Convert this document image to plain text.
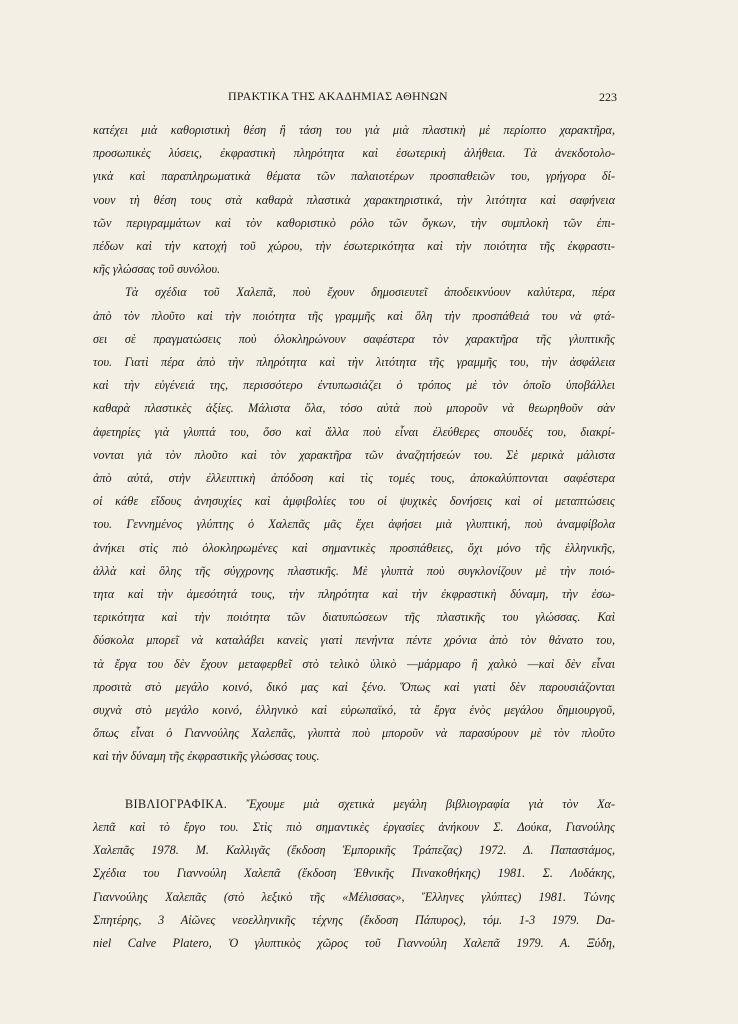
ΠΡΑΚΤΙΚΑ ΤΗΣ ΑΚΑΔΗΜΙΑΣ ΑΘΗΝΩΝ	223

κατέχει μιὰ καθοριστικὴ θέση ἢ τάση του γιὰ μιὰ πλαστικὴ μὲ περίοπτο χαρακτῆρα,
προσωπικὲς λύσεις, ἐκφραστικὴ πληρότητα καὶ ἐσωτερικὴ ἀλήθεια. Τὰ ἀνεκδοτολο-
γικὰ καὶ παραπληρωματικὰ θέματα τῶν παλαιοτέρων προσπαθειῶν του, γρήγορα δί-
νουν τὴ θέση τους στὰ καθαρὰ πλαστικὰ χαρακτηριστικά, τὴν λιτότητα καὶ σαφήνεια
τῶν περιγραμμάτων καὶ τὸν καθοριστικὸ ρόλο τῶν ὄγκων, τὴν συμπλοκὴ τῶν ἐπι-
πέδων καὶ τὴν κατοχὴ τοῦ χώρου, τὴν ἐσωτερικότητα καὶ τὴν ποιότητα τῆς ἐκφραστι-
κῆς γλώσσας τοῦ συνόλου.

Τὰ σχέδια τοῦ Χαλεπᾶ, ποὺ ἔχουν δημοσιευτεῖ ἀποδεικνύουν καλύτερα, πέρα
ἀπὸ τὸν πλοῦτο καὶ τὴν ποιότητα τῆς γραμμῆς καὶ ὅλη τὴν προσπάθειά του νὰ φτά-
σει σὲ πραγματώσεις ποὺ ὁλοκληρώνουν σαφέστερα τὸν χαρακτῆρα τῆς γλυπτικῆς
του. Γιατὶ πέρα ἀπὸ τὴν πληρότητα καὶ τὴν λιτότητα τῆς γραμμῆς του, τὴν ἀσφάλεια
καὶ τὴν εὐγένειά της, περισσότερο ἐντυπωσιάζει ὁ τρόπος μὲ τὸν ὁποῖο ὑποβάλλει
καθαρὰ πλαστικὲς ἀξίες. Μάλιστα ὅλα, τόσο αὐτὰ ποὺ μποροῦν νὰ θεωρηθοῦν σὰν
ἀφετηρίες γιὰ γλυπτά του, ὅσο καὶ ἄλλα ποὺ εἶναι ἐλεύθερες σπουδές του, διακρί-
νονται γιὰ τὸν πλοῦτο καὶ τὸν χαρακτῆρα τῶν ἀναζητήσεών του. Σὲ μερικὰ μάλιστα
ἀπὸ αὐτά, στὴν ἐλλειπτικὴ ἀπόδοση καὶ τὶς τομές τους, ἀποκαλύπτονται σαφέστερα
οἱ κάθε εἴδους ἀνησυχίες καὶ ἀμφιβολίες του οἱ ψυχικὲς δονήσεις καὶ οἱ μεταπτώσεις
του. Γεννημένος γλύπτης ὁ Χαλεπᾶς μᾶς ἔχει ἀφήσει μιὰ γλυπτική, ποὺ ἀναμφίβολα
ἀνήκει στὶς πιὸ ὁλοκληρωμένες καὶ σημαντικὲς προσπάθειες, ὄχι μόνο τῆς ἑλληνικῆς,
ἀλλὰ καὶ ὅλης τῆς σύγχρονης πλαστικῆς. Μὲ γλυπτὰ ποὺ συγκλονίζουν μὲ τὴν ποιό-
τητα καὶ τὴν ἀμεσότητά τους, τὴν πληρότητα καὶ τὴν ἐκφραστικὴ δύναμη, τὴν ἐσω-
τερικότητα καὶ τὴν ποιότητα τῶν διατυπώσεων τῆς πλαστικῆς του γλώσσας. Καὶ
δύσκολα μπορεῖ νὰ καταλάβει κανεὶς γιατὶ πενήντα πέντε χρόνια ἀπὸ τὸν θάνατο του,
τὰ ἔργα του δὲν ἔχουν μεταφερθεῖ στὸ τελικὸ ὑλικὸ —μάρμαρο ἢ χαλκὸ —καὶ δὲν εἶναι
προσιτὰ στὸ μεγάλο κοινό, δικό μας καὶ ξένο. Ὅπως καὶ γιατὶ δὲν παρουσιάζονται
συχνὰ στὸ μεγάλο κοινό, ἑλληνικὸ καὶ εὐρωπαϊκό, τὰ ἔργα ἑνὸς μεγάλου δημιουργοῦ,
ὅπως εἶναι ὁ Γιαννούλης Χαλεπᾶς, γλυπτὰ ποὺ μποροῦν νὰ παρασύρουν μὲ τὸν πλοῦτο
καὶ τὴν δύναμη τῆς ἐκφραστικῆς γλώσσας τους.

ΒΙΒΛΙΟΓΡΑΦΙΚΑ. Ἔχουμε μιὰ σχετικὰ μεγάλη βιβλιογραφία γιὰ τὸν Χα-
λεπᾶ καὶ τὸ ἔργο του. Στὶς πιὸ σημαντικὲς ἐργασίες ἀνήκουν Σ. Δούκα, Γιανούλης
Χαλεπᾶς 1978. Μ. Καλλιγᾶς (ἔκδοση Ἐμπορικῆς Τράπεζας) 1972. Δ. Παπαστάμος,
Σχέδια του Γιαννούλη Χαλεπᾶ (ἔκδοση Ἐθνικῆς Πινακοθήκης) 1981. Σ. Λυδάκης,
Γιαννούλης Χαλεπᾶς (στὸ λεξικὸ τῆς «Μέλισσας», Ἕλληνες γλύπτες) 1981. Τώνης
Σπητέρης, 3 Αἰῶνες νεοελληνικῆς τέχνης (ἔκδοση Πάπυρος), τόμ. 1-3 1979. Da-
niel Calve Platero, Ὁ γλυπτικὸς χῶρος τοῦ Γιαννούλη Χαλεπᾶ 1979. Α. Ξύδη,
